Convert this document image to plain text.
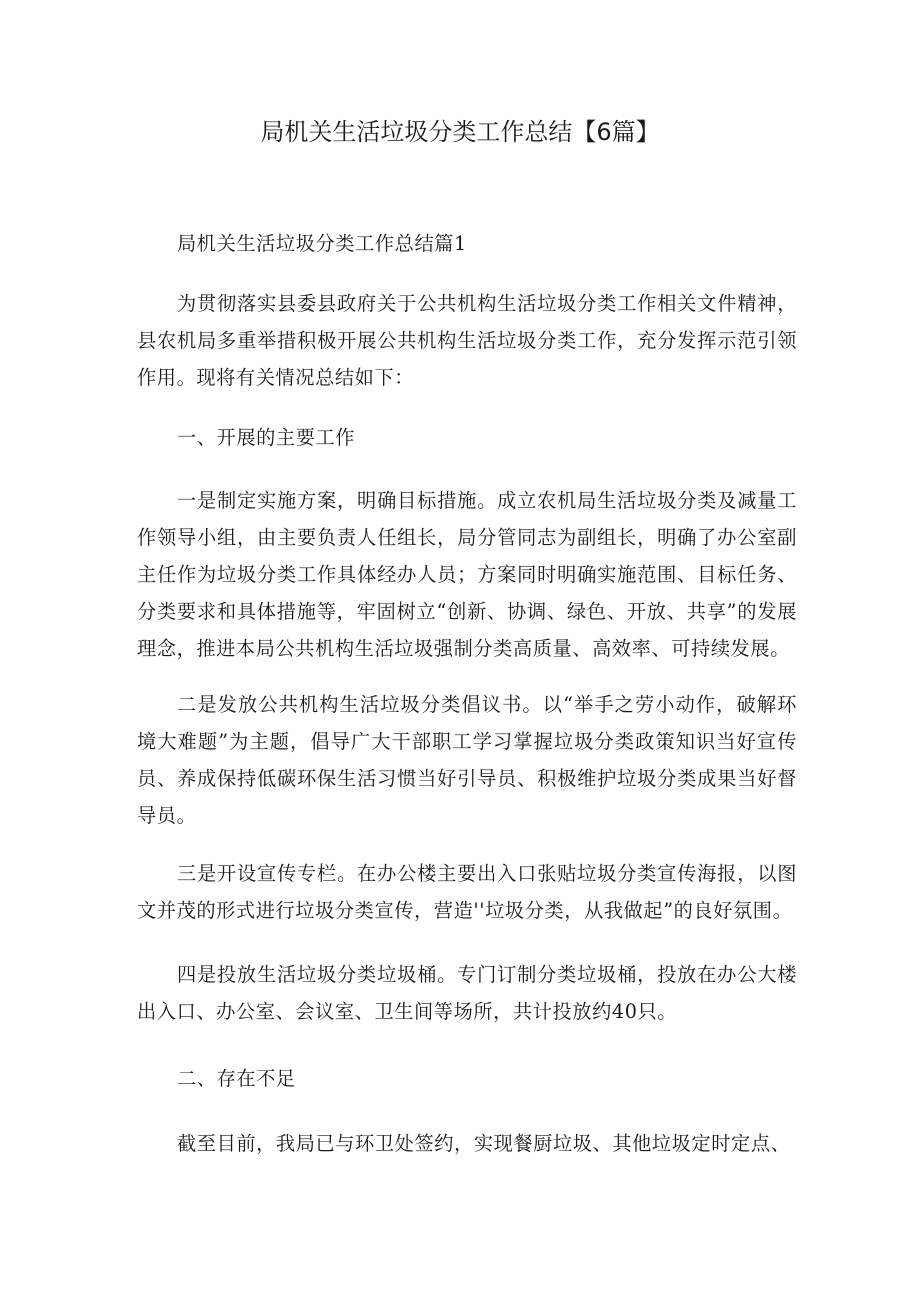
局机关生活垃圾分类工作总结【6篇】

局机关生活垃圾分类工作总结篇1

为贯彻落实县委县政府关于公共机构生活垃圾分类工作相关文件精神，县农机局多重举措积极开展公共机构生活垃圾分类工作，充分发挥示范引领作用。现将有关情况总结如下：

一、开展的主要工作

一是制定实施方案，明确目标措施。成立农机局生活垃圾分类及减量工作领导小组，由主要负责人任组长，局分管同志为副组长，明确了办公室副主任作为垃圾分类工作具体经办人员；方案同时明确实施范围、目标任务、分类要求和具体措施等，牢固树立“创新、协调、绿色、开放、共享”的发展理念，推进本局公共机构生活垃圾强制分类高质量、高效率、可持续发展。

二是发放公共机构生活垃圾分类倡议书。以“举手之劳小动作，破解环境大难题”为主题，倡导广大干部职工学习掌握垃圾分类政策知识当好宣传员、养成保持低碳环保生活习惯当好引导员、积极维护垃圾分类成果当好督导员。

三是开设宣传专栏。在办公楼主要出入口张贴垃圾分类宣传海报，以图文并茂的形式进行垃圾分类宣传，营造''垃圾分类，从我做起”的良好氛围。

四是投放生活垃圾分类垃圾桶。专门订制分类垃圾桶，投放在办公大楼出入口、办公室、会议室、卫生间等场所，共计投放约40只。

二、存在不足

截至目前，我局已与环卫处签约，实现餐厨垃圾、其他垃圾定时定点、
